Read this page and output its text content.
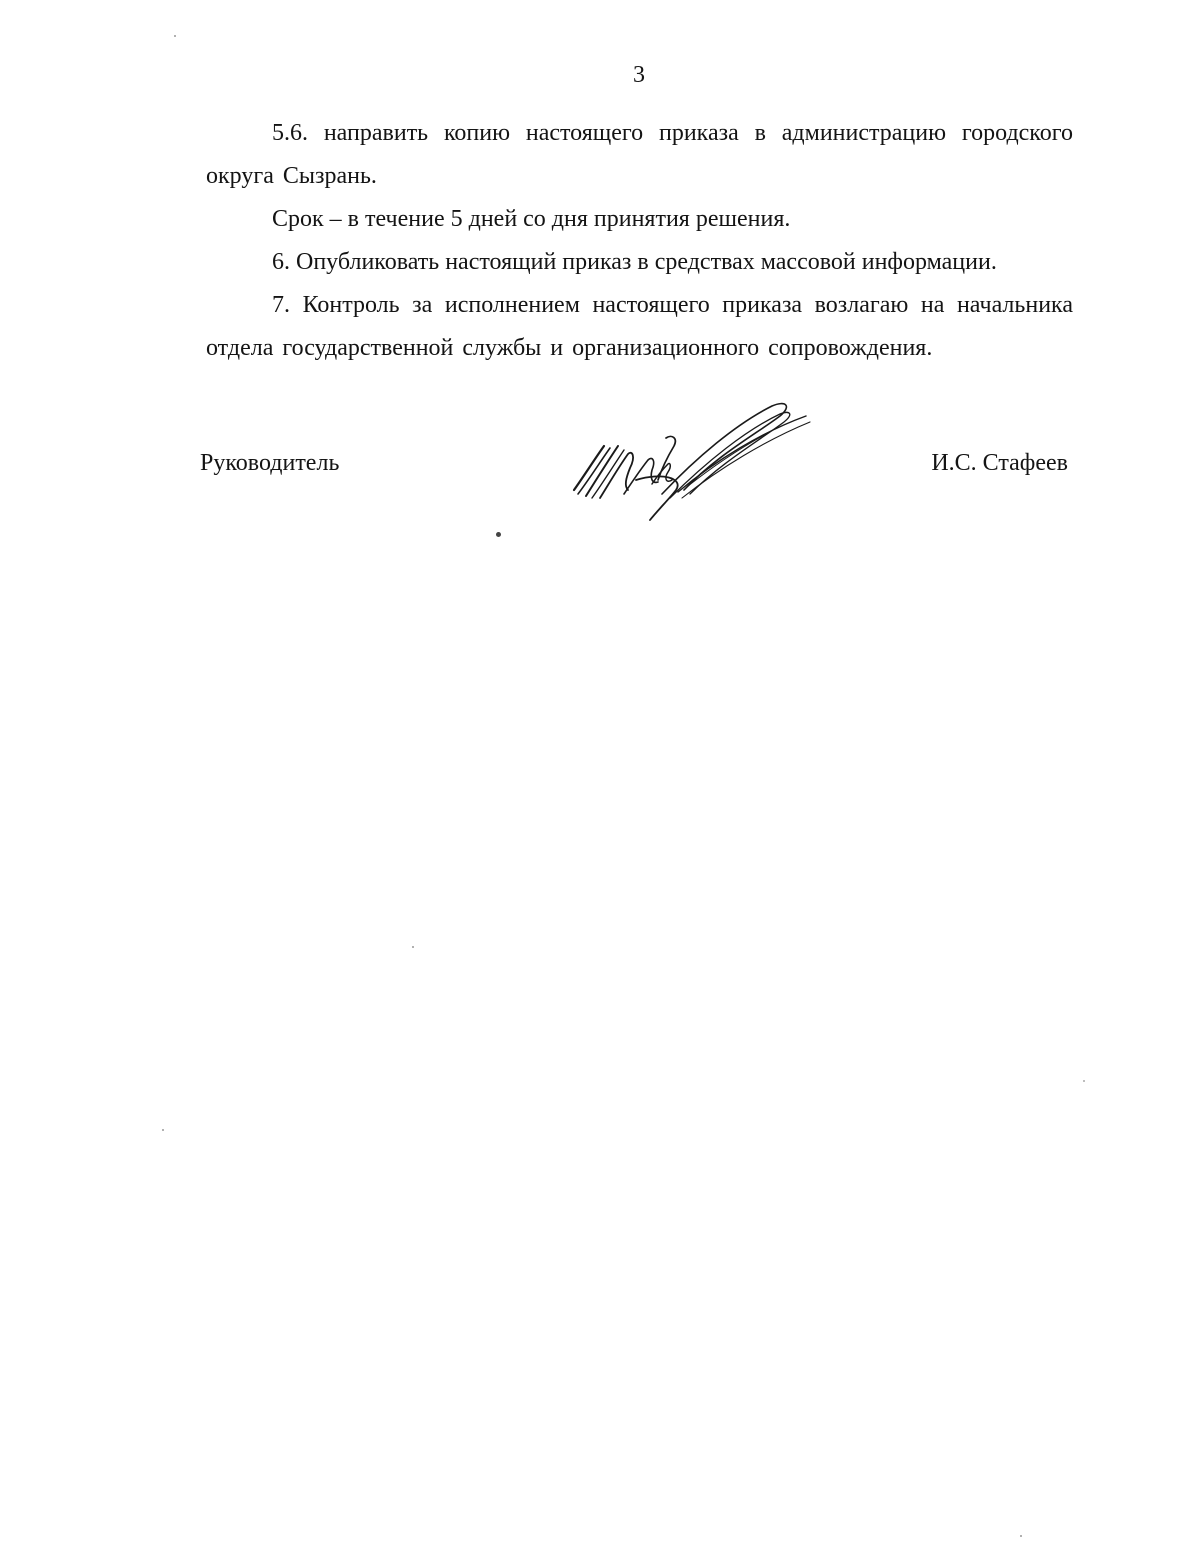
3

5.6. направить копию настоящего приказа в администрацию городского округа Сызрань.

Срок – в течение 5 дней со дня принятия решения.

6. Опубликовать настоящий приказ в средствах массовой информации.

7. Контроль за исполнением настоящего приказа возлагаю на начальника отдела государственной службы и организационного сопровождения.

Руководитель	И.С. Стафеев
